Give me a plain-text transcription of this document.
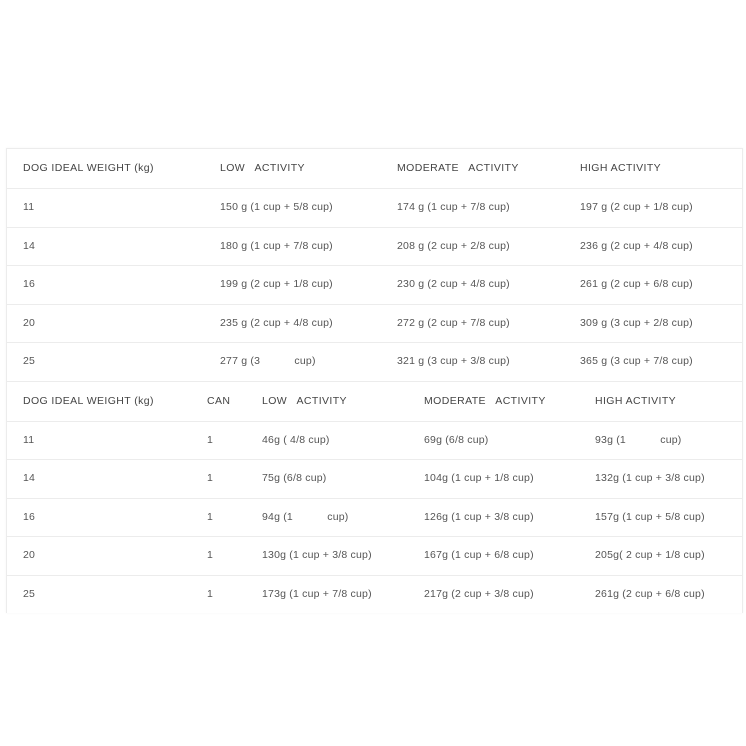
DOG IDEAL WEIGHT (kg)	LOW   ACTIVITY	MODERATE   ACTIVITY	HIGH ACTIVITY
11	150 g (1 cup + 5/8 cup)	174 g (1 cup + 7/8 cup)	197 g (2 cup + 1/8 cup)
14	180 g (1 cup + 7/8 cup)	208 g (2 cup + 2/8 cup)	236 g (2 cup + 4/8 cup)
16	199 g (2 cup + 1/8 cup)	230 g (2 cup + 4/8 cup)	261 g (2 cup + 6/8 cup)
20	235 g (2 cup + 4/8 cup)	272 g (2 cup + 7/8 cup)	309 g (3 cup + 2/8 cup)
25	277 g (3           cup)	321 g (3 cup + 3/8 cup)	365 g (3 cup + 7/8 cup)
DOG IDEAL WEIGHT (kg)	CAN	LOW   ACTIVITY	MODERATE   ACTIVITY	HIGH ACTIVITY
11	1	46g ( 4/8 cup)	69g (6/8 cup)	93g (1           cup)
14	1	75g (6/8 cup)	104g (1 cup + 1/8 cup)	132g (1 cup + 3/8 cup)
16	1	94g (1           cup)	126g (1 cup + 3/8 cup)	157g (1 cup + 5/8 cup)
20	1	130g (1 cup + 3/8 cup)	167g (1 cup + 6/8 cup)	205g( 2 cup + 1/8 cup)
25	1	173g (1 cup + 7/8 cup)	217g (2 cup + 3/8 cup)	261g (2 cup + 6/8 cup)
